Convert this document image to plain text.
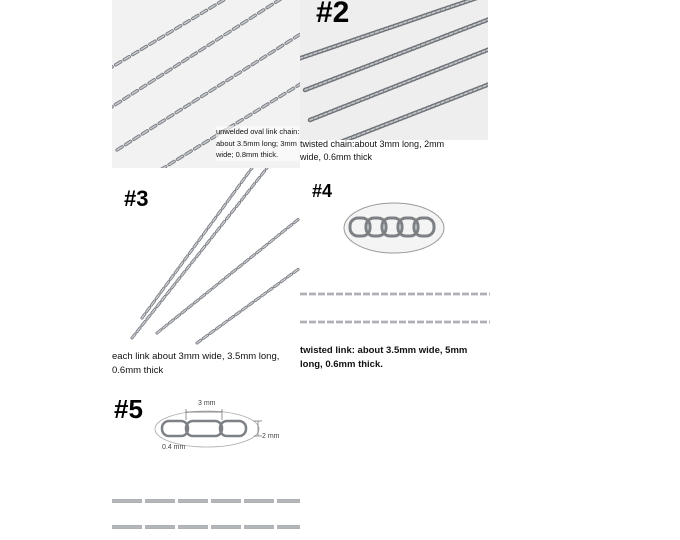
unwelded oval link chain:
about 3.5mm long; 3mm
wide; 0.8mm thick.
#2
twisted chain:about 3mm long, 2mm
wide, 0.6mm thick
#3
each link about 3mm wide, 3.5mm long,
0.6mm thick
#4
twisted link: about 3.5mm wide, 5mm
long, 0.6mm thick.
#5	3 mm
2 mm
0.4 mm
